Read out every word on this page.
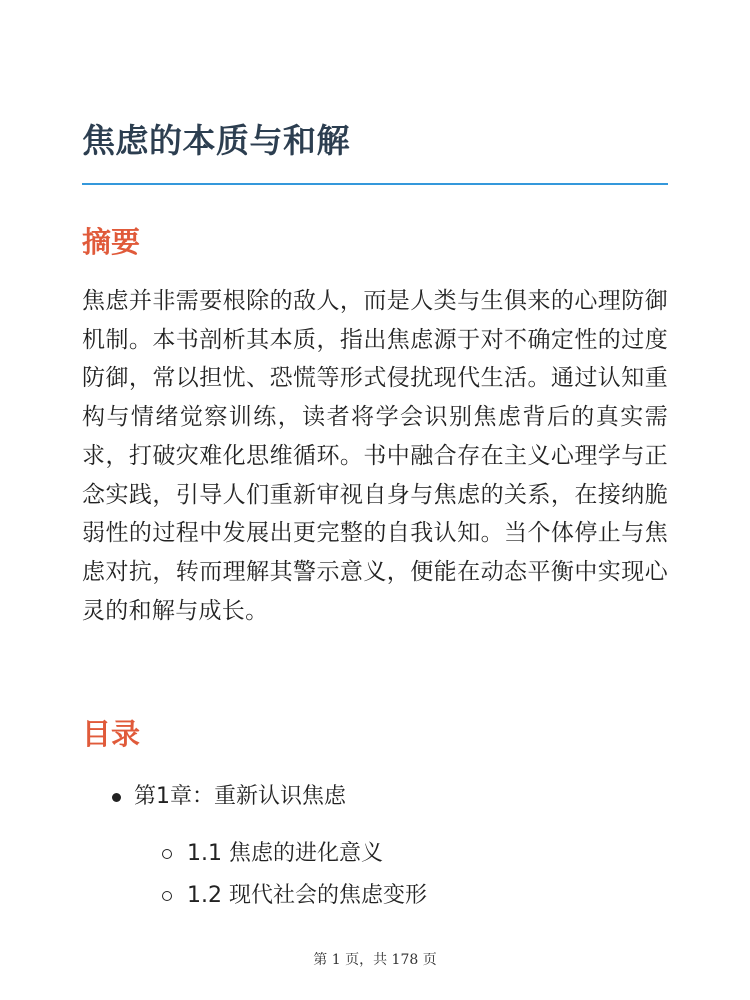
焦虑的本质与和解
摘要

焦虑并非需要根除的敌人，而是人类与生俱来的心理防御机制。本书剖析其本质，指出焦虑源于对不确定性的过度防御，常以担忧、恐慌等形式侵扰现代生活。通过认知重构与情绪觉察训练，读者将学会识别焦虑背后的真实需求，打破灾难化思维循环。书中融合存在主义心理学与正念实践，引导人们重新审视自身与焦虑的关系，在接纳脆弱性的过程中发展出更完整的自我认知。当个体停止与焦虑对抗，转而理解其警示意义，便能在动态平衡中实现心灵的和解与成长。

目录
第1章：重新认识焦虑
1.1 焦虑的进化意义
1.2 现代社会的焦虑变形
第 1 页，共 178 页
